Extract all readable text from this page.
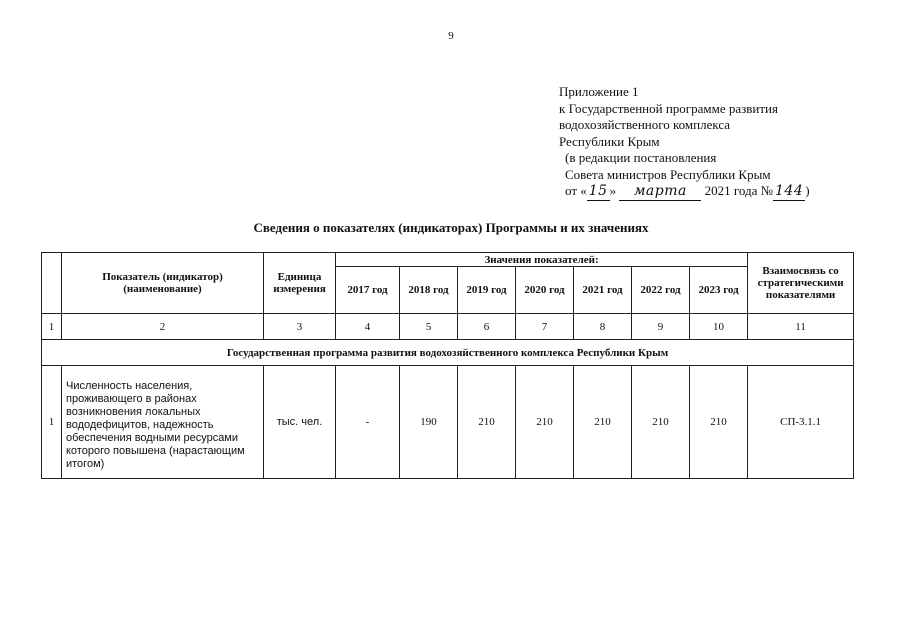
9
Приложение 1
к Государственной программе развития
водохозяйственного комплекса
Республики Крым
(в редакции постановления
Совета министров Республики Крым
от « 15 » марта 2021 года № 144 )
Сведения о показателях (индикаторах) Программы и их значениях
	Показатель (индикатор) (наименование)	Единица измерения	Значения показателей:							Взаимосвязь со стратегическими показателями
			2017 год	2018 год	2019 год	2020 год	2021 год	2022 год	2023 год	
1	2	3	4	5	6	7	8	9	10	11
Государственная программа развития водохозяйственного комплекса Республики Крым										
1	Численность населения, проживающего в районах возникновения локальных вододефицитов, надежность обеспечения водными ресурсами которого повышена (нарастающим итогом)	тыс. чел.	-	190	210	210	210	210	210	СП-3.1.1
